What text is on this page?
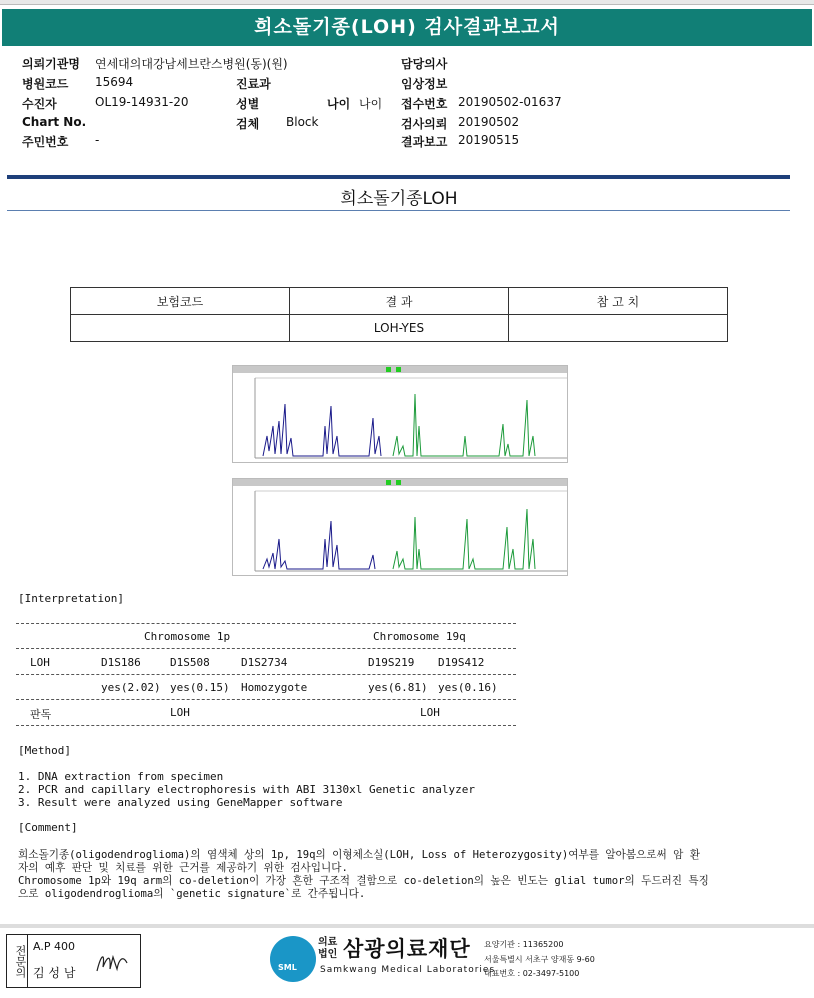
희소돌기종(LOH) 검사결과보고서
의뢰기관명 연세대의대강남세브란스병원(동)(원)
병원코드 15694
수진자	OL19-14931-20
Chart No.
주민번호 -
진료과
성별	나이 나이
검체 Block
담당의사
임상정보
접수번호 20190502-01637
검사의뢰 20190502
결과보고 20190515
희소돌기종LOH
보험코드	결 과	참 고 치
	LOH-YES	
[Interpretation]
Chromosome 1p	Chromosome 19q
LOH	D1S186	D1S508	D1S2734	D19S219 D19S412
yes(2.02) yes(0.15) Homozygote	yes(6.81) yes(0.16)
판독	LOH	LOH
[Method]
1. DNA extraction from specimen
2. PCR and capillary electrophoresis with ABI 3130xl Genetic analyzer
3. Result were analyzed using GeneMapper software
[Comment]
희소돌기종(oligodendroglioma)의 염색체 상의 1p, 19q의 이형체소실(LOH, Loss of Heterozygosity)여부를 알아봄으로써 암 환
자의 예후 판단 및 치료를 위한 근거를 제공하기 위한 검사입니다.
Chromosome 1p와 19q arm의 co-deletion이 가장 흔한 구조적 결함으로 co-deletion의 높은 빈도는 glial tumor의 두드러진 특징
으로 oligodendroglioma의 `genetic signature`로 간주됩니다.
전문의 A.P 400
김 성 남	SML
의료
법인 삼광의료재단
Samkwang Medical Laboratories
요양기관 : 11365200
서울특별시 서초구 양재동 9-60
대표번호 : 02-3497-5100
